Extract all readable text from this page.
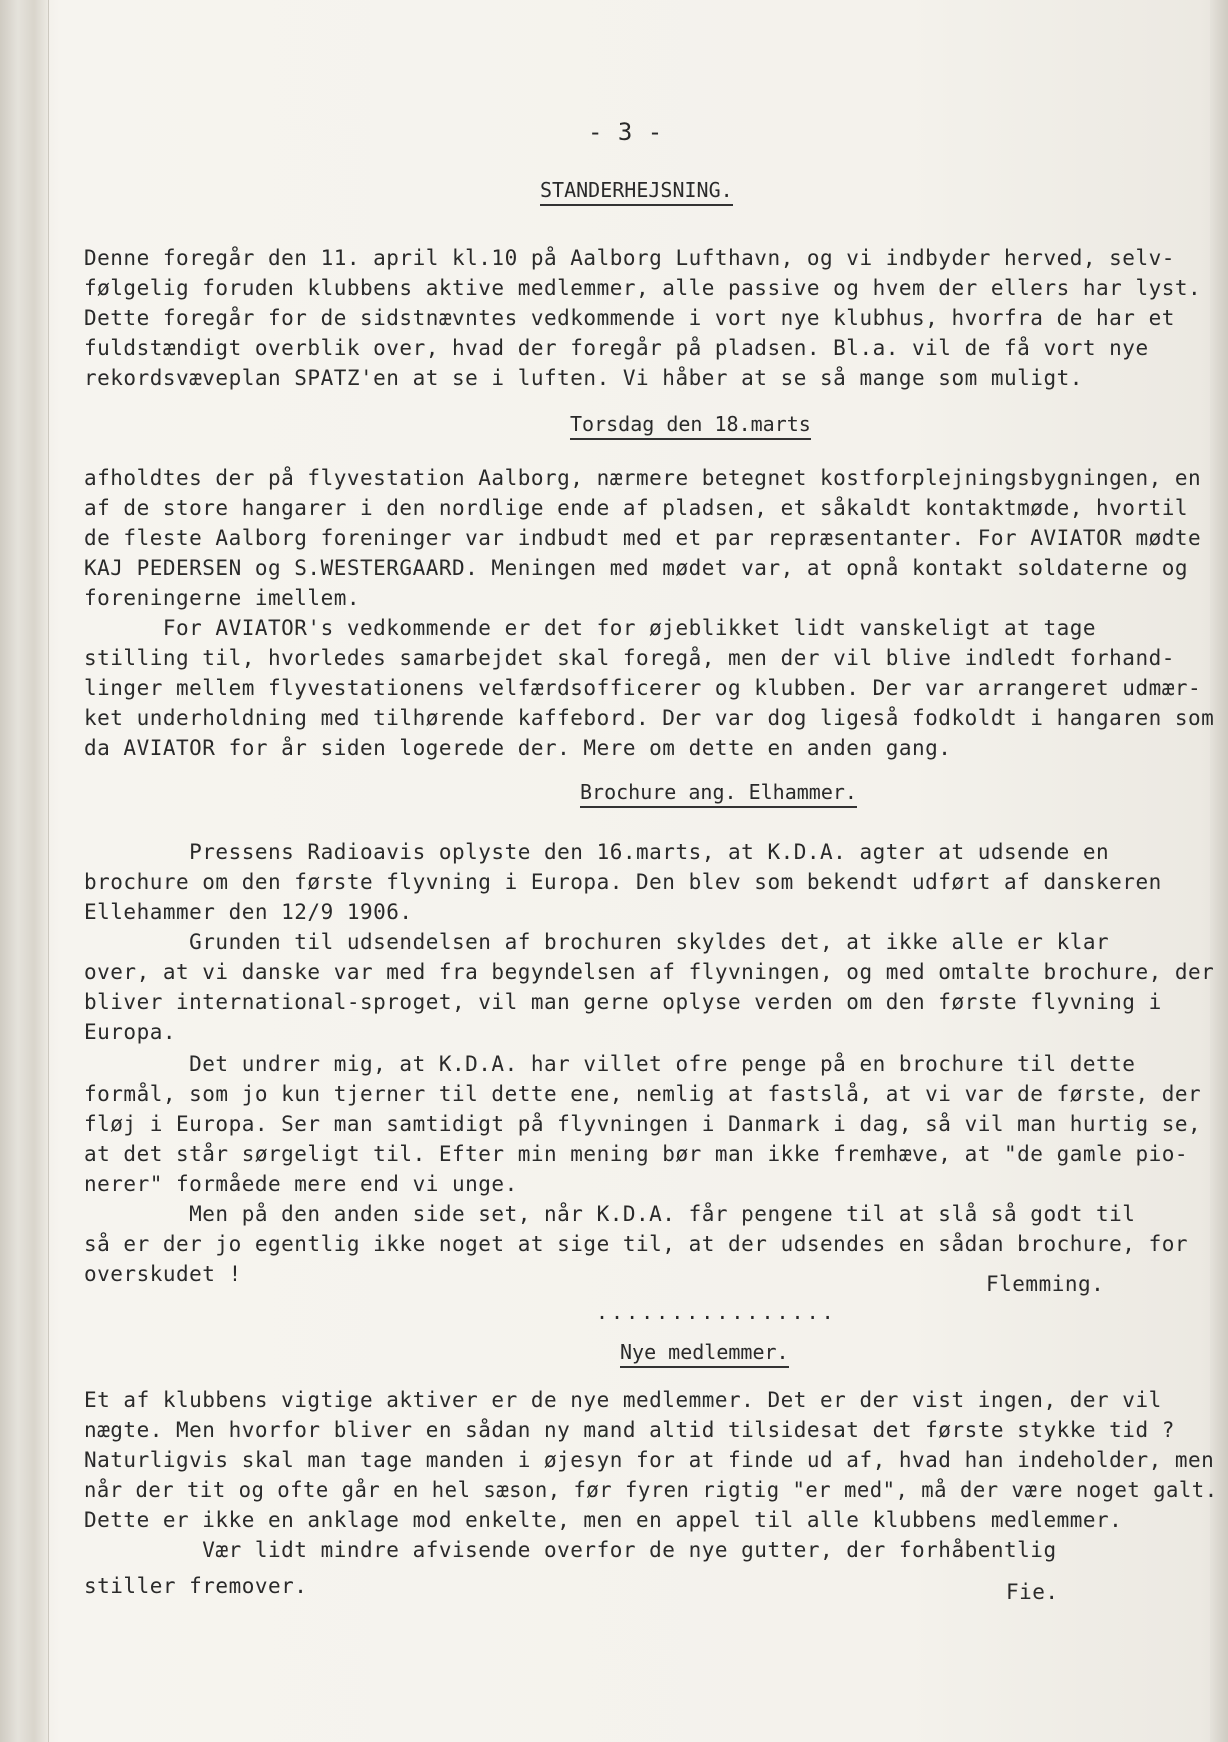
- 3 -
STANDERHEJSNING.
Denne foregår den 11. april kl.10 på Aalborg Lufthavn, og vi indbyder herved, selv-
følgelig foruden klubbens aktive medlemmer, alle passive og hvem der ellers har lyst.
Dette foregår for de sidstnævntes vedkommende i vort nye klubhus, hvorfra de har et
fuldstændigt overblik over, hvad der foregår på pladsen. Bl.a. vil de få vort nye
rekordsvæveplan SPATZ'en at se i luften. Vi håber at se så mange som muligt.
Torsdag den 18.marts
afholdtes der på flyvestation Aalborg, nærmere betegnet kostforplejningsbygningen, en
af de store hangarer i den nordlige ende af pladsen, et såkaldt kontaktmøde, hvortil
de fleste Aalborg foreninger var indbudt med et par repræsentanter. For AVIATOR mødte
KAJ PEDERSEN og S.WESTERGAARD. Meningen med mødet var, at opnå kontakt soldaterne og
foreningerne imellem.
For AVIATOR's vedkommende er det for øjeblikket lidt vanskeligt at tage
stilling til, hvorledes samarbejdet skal foregå, men der vil blive indledt forhand-
linger mellem flyvestationens velfærdsofficerer og klubben. Der var arrangeret udmær-
ket underholdning med tilhørende kaffebord. Der var dog ligeså fodkoldt i hangaren som
da AVIATOR for år siden logerede der. Mere om dette en anden gang.
Brochure ang. Elhammer.
Pressens Radioavis oplyste den 16.marts, at K.D.A. agter at udsende en
brochure om den første flyvning i Europa. Den blev som bekendt udført af danskeren
Ellehammer den 12/9 1906.
Grunden til udsendelsen af brochuren skyldes det, at ikke alle er klar
over, at vi danske var med fra begyndelsen af flyvningen, og med omtalte brochure, der
bliver international-sproget, vil man gerne oplyse verden om den første flyvning i
Europa.
Det undrer mig, at K.D.A. har villet ofre penge på en brochure til dette
formål, som jo kun tjerner til dette ene, nemlig at fastslå, at vi var de første, der
fløj i Europa. Ser man samtidigt på flyvningen i Danmark i dag, så vil man hurtig se,
at det står sørgeligt til. Efter min mening bør man ikke fremhæve, at "de gamle pio-
nerer" formåede mere end vi unge.
Men på den anden side set, når K.D.A. får pengene til at slå så godt til
så er der jo egentlig ikke noget at sige til, at der udsendes en sådan brochure, for
overskudet !	Flemming.
................
Nye medlemmer.
Et af klubbens vigtige aktiver er de nye medlemmer. Det er der vist ingen, der vil
nægte. Men hvorfor bliver en sådan ny mand altid tilsidesat det første stykke tid ?
Naturligvis skal man tage manden i øjesyn for at finde ud af, hvad han indeholder, men
når der tit og ofte går en hel sæson, før fyren rigtig "er med", må der være noget galt.
Dette er ikke en anklage mod enkelte, men en appel til alle klubbens medlemmer.
Vær lidt mindre afvisende overfor de nye gutter, der forhåbentlig
stiller fremover.	Fie.
